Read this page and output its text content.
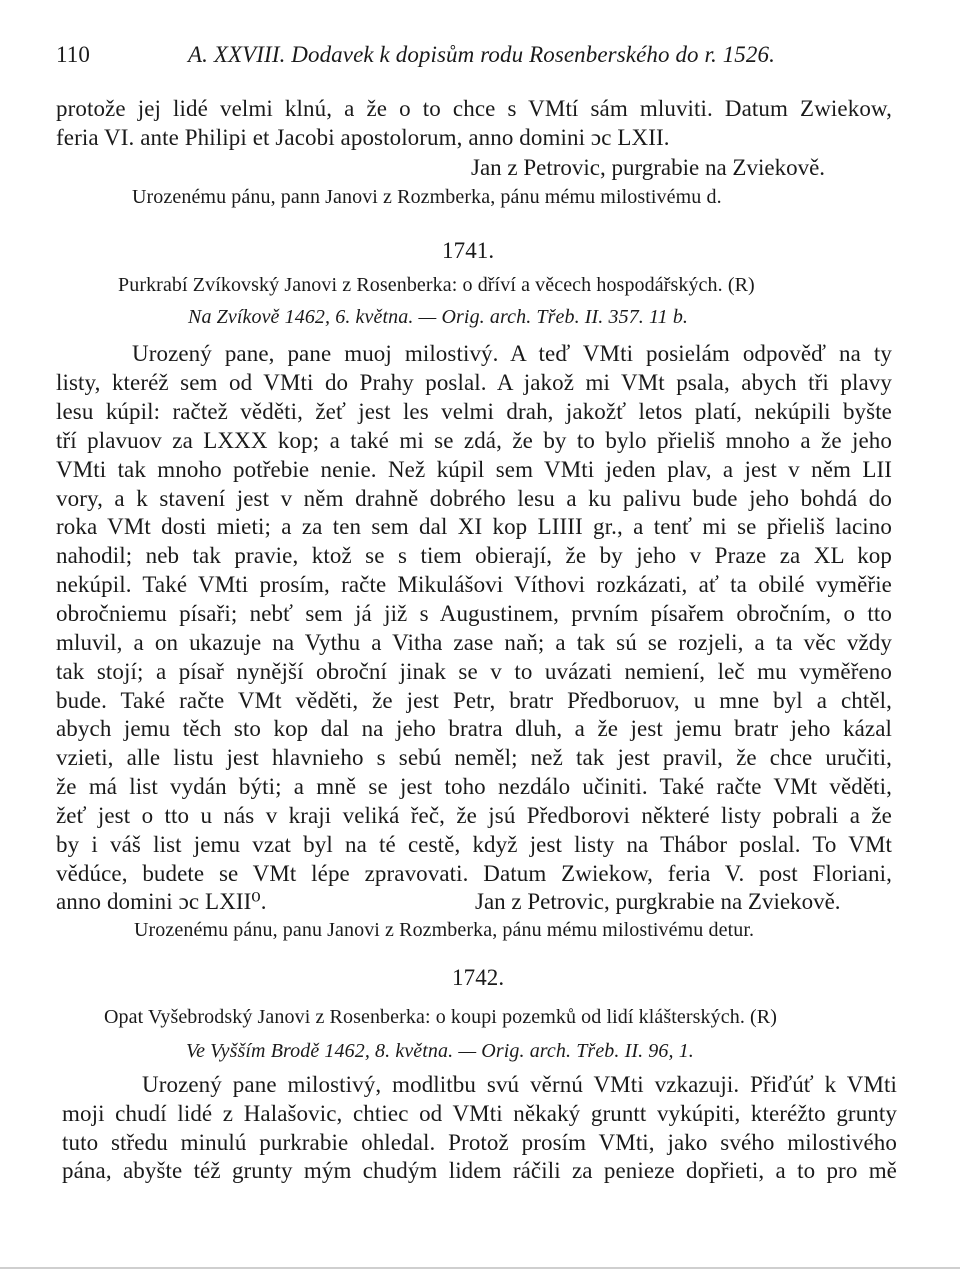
110	A. XXVIII. Dodavek k dopisům rodu Rosenberského do r. 1526.
protože jej lidé velmi klnú, a že o to chce s VMtí sám mluviti. Datum Zwiekow,
feria VI. ante Philipi et Jacobi apostolorum, anno domini ɔc LXII.
Jan z Petrovic, purgrabie na Zviekově.
Urozenému pánu, pann Janovi z Rozmberka, pánu mému milostivému d.
1741.
Purkrabí Zvíkovský Janovi z Rosenberka: o dříví a věcech hospodářských. (R)
Na Zvíkově 1462, 6. května. — Orig. arch. Třeb. II. 357. 11 b.
Urozený pane, pane muoj milostivý. A teď VMti posielám odpověď na ty
listy, kteréž sem od VMti do Prahy poslal. A jakož mi VMt psala, abych tři plavy
lesu kúpil: račtež věděti, žeť jest les velmi drah, jakožť letos platí, nekúpili byšte
tří plavuov za LXXX kop; a také mi se zdá, že by to bylo přieliš mnoho a že jeho
VMti tak mnoho potřebie nenie. Než kúpil sem VMti jeden plav, a jest v něm LII
vory, a k stavení jest v něm drahně dobrého lesu a ku palivu bude jeho bohdá do
roka VMt dosti mieti; a za ten sem dal XI kop LIIII gr., a tenť mi se přieliš lacino
nahodil; neb tak pravie, ktož se s tiem obierají, že by jeho v Praze za XL kop
nekúpil. Také VMti prosím, račte Mikulášovi Víthovi rozkázati, ať ta obilé vyměřie
obročniemu písaři; nebť sem já již s Augustinem, prvním písařem obročním, o tto
mluvil, a on ukazuje na Vythu a Vitha zase naň; a tak sú se rozjeli, a ta věc vždy
tak stojí; a písař nynější obroční jinak se v to uvázati nemiení, leč mu vyměřeno
bude. Také račte VMt věděti, že jest Petr, bratr Předboruov, u mne byl a chtěl,
abych jemu těch sto kop dal na jeho bratra dluh, a že jest jemu bratr jeho kázal
vzieti, alle listu jest hlavnieho s sebú neměl; než tak jest pravil, že chce uručiti,
že má list vydán býti; a mně se jest toho nezdálo učiniti. Také račte VMt věděti,
žeť jest o tto u nás v kraji veliká řeč, že jsú Předborovi některé listy pobrali a že
by i váš list jemu vzat byl na té cestě, když jest listy na Thábor poslal. To VMt
vědúce, budete se VMt lépe zpravovati. Datum Zwiekow, feria V. post Floriani,
anno domini ɔc LXII⁰.	Jan z Petrovic, purgkrabie na Zviekově.
Urozenému pánu, panu Janovi z Rozmberka, pánu mému milostivému detur.
1742.
Opat Vyšebrodský Janovi z Rosenberka: o koupi pozemků od lidí klášterských. (R)
Ve Vyšším Brodě 1462, 8. května. — Orig. arch. Třeb. II. 96, 1.
Urozený pane milostivý, modlitbu svú věrnú VMti vzkazuji. Přiďúť k VMti
moji chudí lidé z Halašovic, chtiec od VMti někaký gruntt vykúpiti, kteréžto grunty
tuto středu minulú purkrabie ohledal. Protož prosím VMti, jako svého milostivého
pána, abyšte též grunty mým chudým lidem ráčili za penieze dopřieti, a to pro mě
